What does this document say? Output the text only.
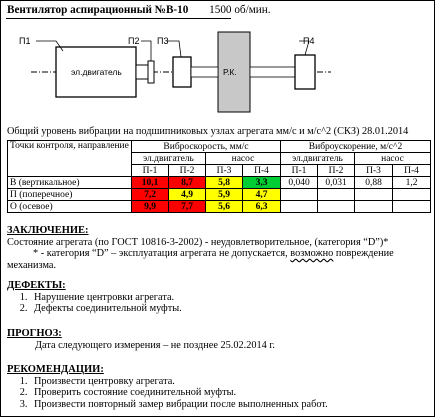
Вентилятор аспирационный №В-10 1500 об/мин.
П1	П2 П3	П4
эл.двигатель	Р.К.
Общий уровень вибрации на подшипниковых узлах агрегата мм/с и м/с^2 (СКЗ) 28.01.2014
Точки контроля, направление	Виброскорость, мм/с				Виброускорение, м/с^2			
	эл.двигатель		насос		эл.двигатель		насос	
	П-1	П-2	П-3	П-4	П-1	П-2	П-3	П-4
В (вертикальное)	10,1	8,7	5,8	3,3	0,040	0,031	0,88	1,2
П (поперечное)	7,2	4,9	5,9	4,7				
О (осевое)	9,9	7,7	5,6	6,3				
ЗАКЛЮЧЕНИЕ:

Состояние агрегата (по ГОСТ 10816-3-2002) - неудовлетворительное, (категория “D”)*

* - категория “D” – эксплуатация агрегата не допускается, возможно повреждение

механизма.

ДЕФЕКТЫ:
1. Нарушение центровки агрегата.
2. Дефекты соединительной муфты.
ПРОГНОЗ:

Дата следующего измерения – не позднее 25.02.2014 г.

РЕКОМЕНДАЦИИ:
1. Произвести центровку агрегата.
2. Проверить состояние соединительной муфты.
3. Произвести повторный замер вибрации после выполненных работ.
